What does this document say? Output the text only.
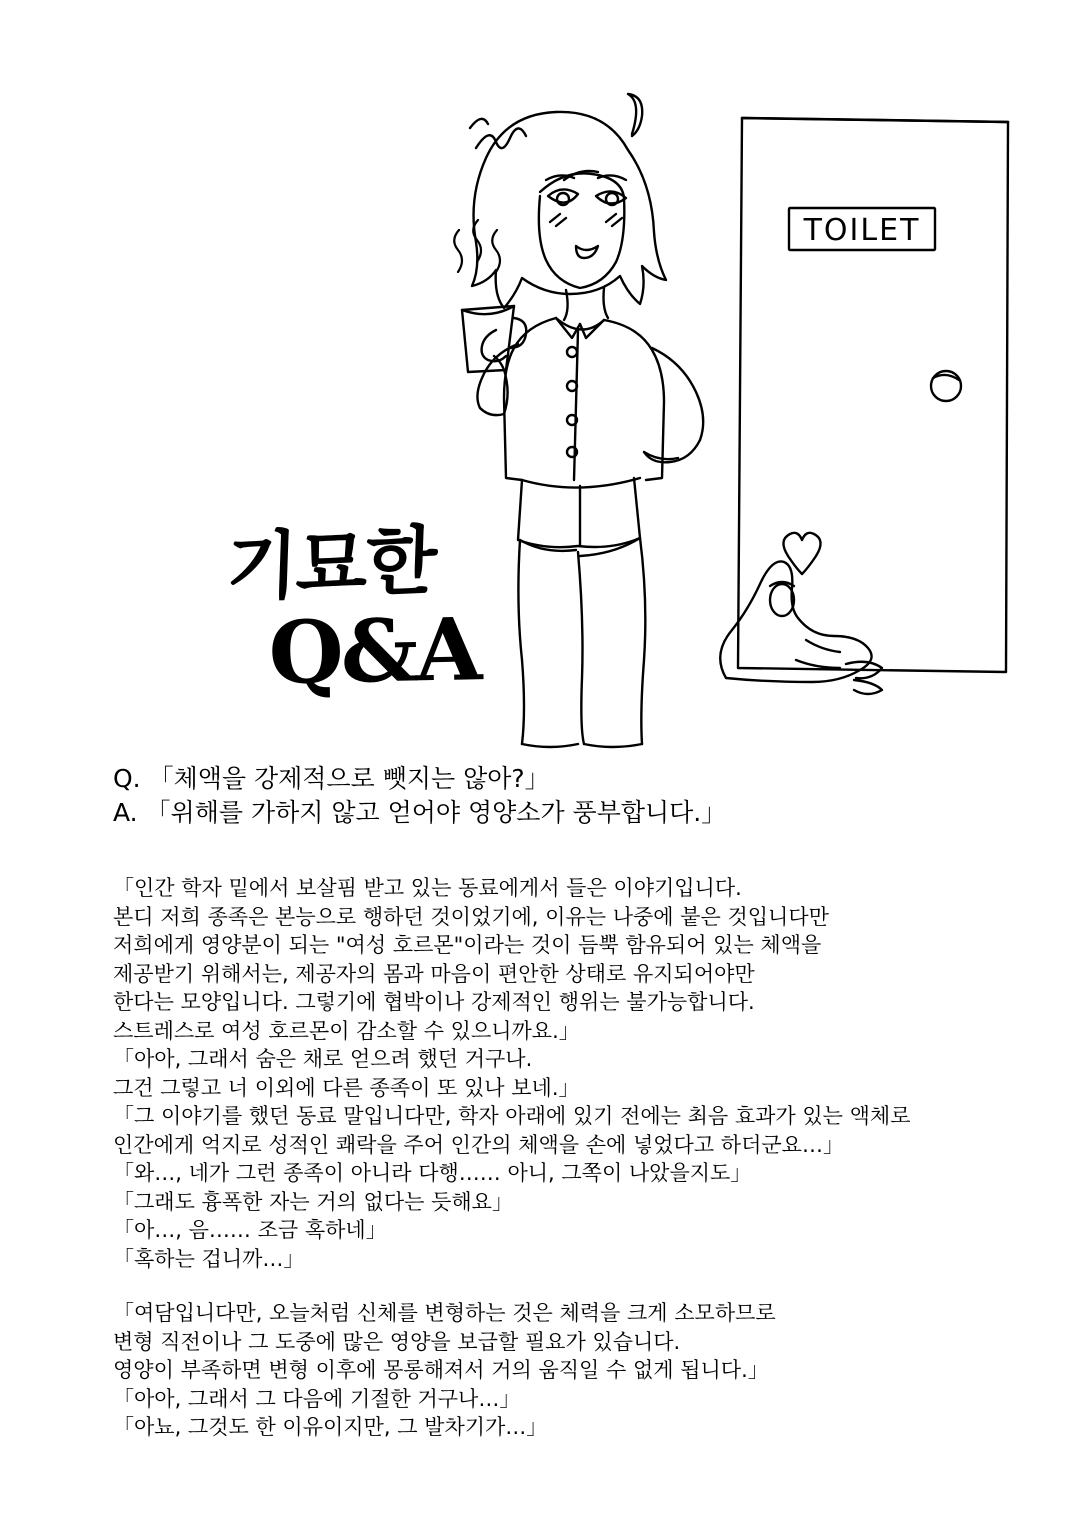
TOILET
기묘한
Q&A
Q. 「체액을 강제적으로 뺏지는 않아?」
A. 「위해를 가하지 않고 얻어야 영양소가 풍부합니다.」
「인간 학자 밑에서 보살핌 받고 있는 동료에게서 들은 이야기입니다.
본디 저희 종족은 본능으로 행하던 것이었기에, 이유는 나중에 붙은 것입니다만
저희에게 영양분이 되는 "여성 호르몬"이라는 것이 듬뿍 함유되어 있는 체액을
제공받기 위해서는, 제공자의 몸과 마음이 편안한 상태로 유지되어야만
한다는 모양입니다. 그렇기에 협박이나 강제적인 행위는 불가능합니다.
스트레스로 여성 호르몬이 감소할 수 있으니까요.」
「아아, 그래서 숨은 채로 얻으려 했던 거구나.
그건 그렇고 너 이외에 다른 종족이 또 있나 보네.」
「그 이야기를 했던 동료 말입니다만, 학자 아래에 있기 전에는 최음 효과가 있는 액체로
인간에게 억지로 성적인 쾌락을 주어 인간의 체액을 손에 넣었다고 하더군요…」
「와…, 네가 그런 종족이 아니라 다행…… 아니, 그쪽이 나았을지도」
「그래도 흉폭한 자는 거의 없다는 듯해요」
「아…, 음…… 조금 혹하네」
「혹하는 겁니까…」
「여담입니다만, 오늘처럼 신체를 변형하는 것은 체력을 크게 소모하므로
변형 직전이나 그 도중에 많은 영양을 보급할 필요가 있습니다.
영양이 부족하면 변형 이후에 몽롱해져서 거의 움직일 수 없게 됩니다.」
「아아, 그래서 그 다음에 기절한 거구나…」
「아뇨, 그것도 한 이유이지만, 그 발차기가…」
